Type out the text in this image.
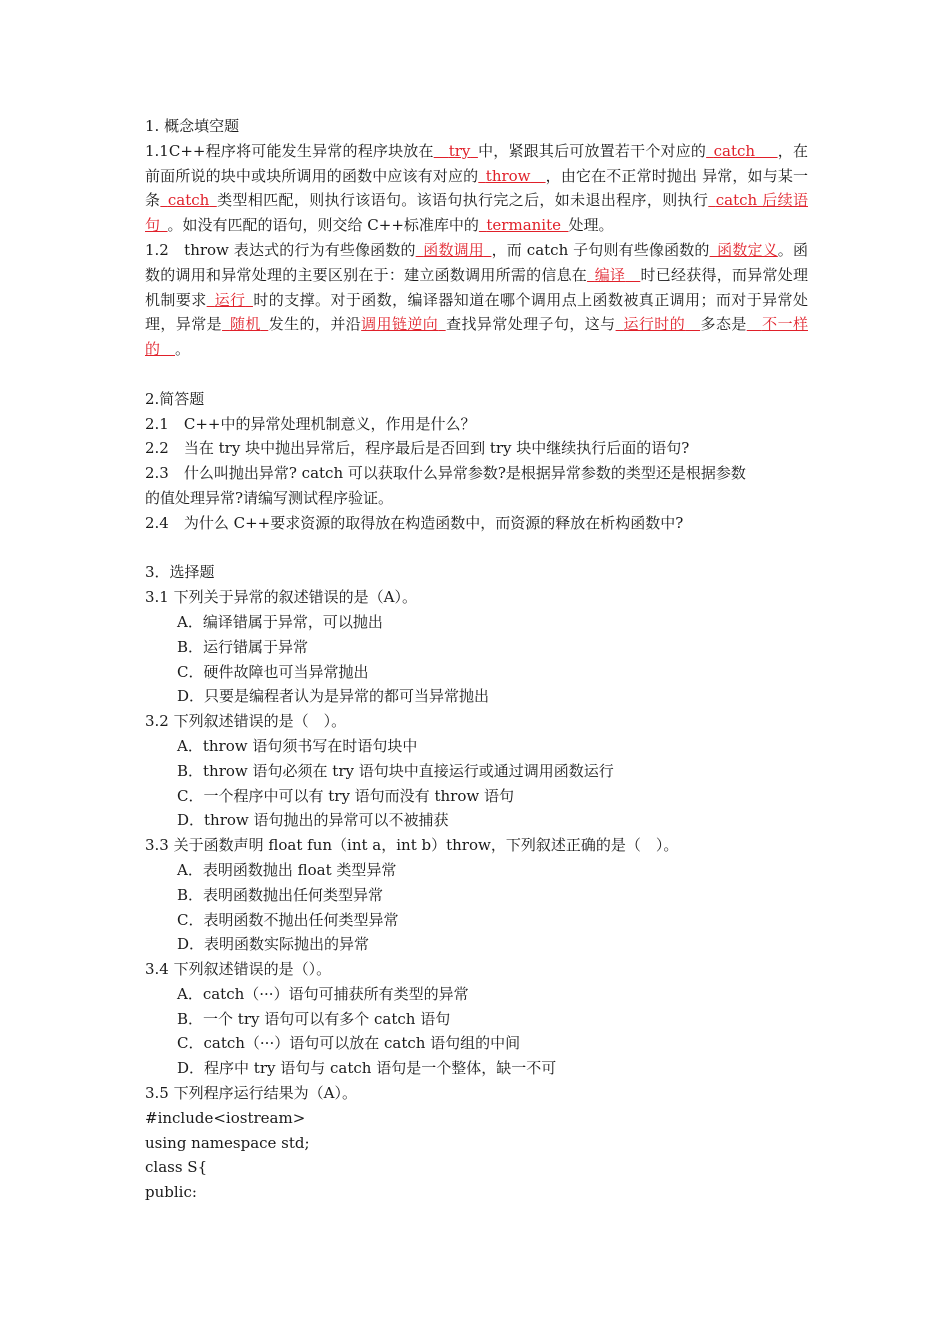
1. 概念填空题
1.1C++程序将可能发生异常的程序块放在  try  中，紧跟其后可放置若干个对应的  catch   ，在前面所说的块中或块所调用的函数中应该有对应的  throw  ，由它在不正常时抛出 异常，如与某一条  catch  类型相匹配，则执行该语句。该语句执行完之后，如未退出程序，则执行  catch 后续语句  。如没有匹配的语句，则交给 C++标准库中的  termanite  处理。
1.2　throw 表达式的行为有些像函数的  函数调用  ，而 catch 子句则有些像函数的  函数定义。函数的调用和异常处理的主要区别在于：建立函数调用所需的信息在  编译  时已经获得，而异常处理机制要求  运行  时的支撑。对于函数，编译器知道在哪个调用点上函数被真正调用；而对于异常处理，异常是  随机  发生的，并沿调用链逆向  查找异常处理子句，这与  运行时的  多态是  不一样的  。
2.简答题
2.1　C++中的异常处理机制意义，作用是什么？
2.2　当在 try 块中抛出异常后，程序最后是否回到 try 块中继续执行后面的语句?
2.3　什么叫抛出异常? catch 可以获取什么异常参数?是根据异常参数的类型还是根据参数
的值处理异常?请编写测试程序验证。
2.4　为什么 C++要求资源的取得放在构造函数中，而资源的释放在析构函数中?
3．选择题
3.1 下列关于异常的叙述错误的是（A）。
A．编译错属于异常，可以抛出
B．运行错属于异常
C．硬件故障也可当异常抛出
D．只要是编程者认为是异常的都可当异常抛出
3.2 下列叙述错误的是（　）。
A．throw 语句须书写在时语句块中
B．throw 语句必须在 try 语句块中直接运行或通过调用函数运行
C．一个程序中可以有 try 语句而没有 throw 语句
D．throw 语句抛出的异常可以不被捕获
3.3 关于函数声明 float fun（int a，int b）throw，下列叙述正确的是（　）。
A．表明函数抛出 float 类型异常
B．表明函数抛出任何类型异常
C．表明函数不抛出任何类型异常
D．表明函数实际抛出的异常
3.4 下列叙述错误的是（）。
A．catch（···）语句可捕获所有类型的异常
B．一个 try 语句可以有多个 catch 语句
C．catch（···）语句可以放在 catch 语句组的中间
D．程序中 try 语句与 catch 语句是一个整体，缺一不可
3.5 下列程序运行结果为（A）。
#include<iostream>
using namespace std;
class S{
public:
